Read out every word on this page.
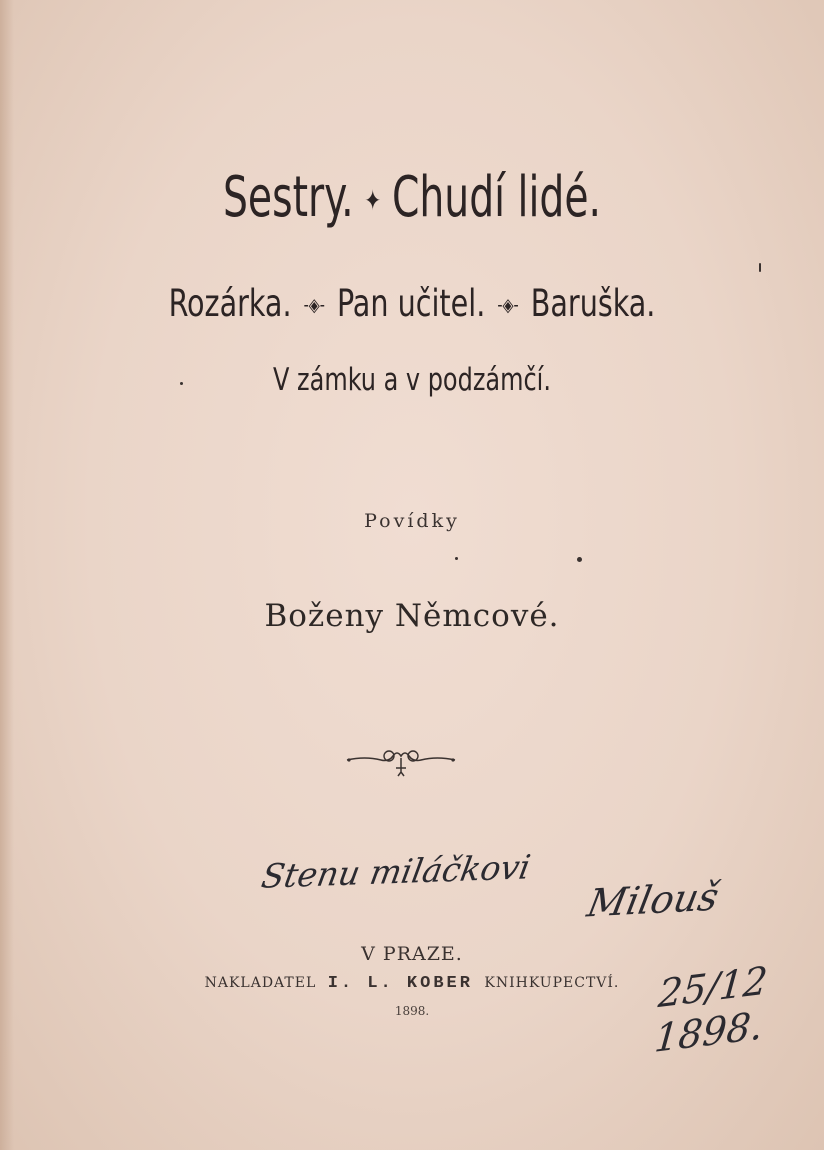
Sestry. ✦ Chudí lidé.
Rozárka. -◈- Pan učitel. -◈- Baruška.
V zámku a v podzámčí.
Povídky
Boženy Němcové.
Stenu miláčkovi
Milouš
25/12 1898.
V PRAZE.
NAKLADATEL I. L. KOBER KNIHKUPECTVÍ.
1898.
